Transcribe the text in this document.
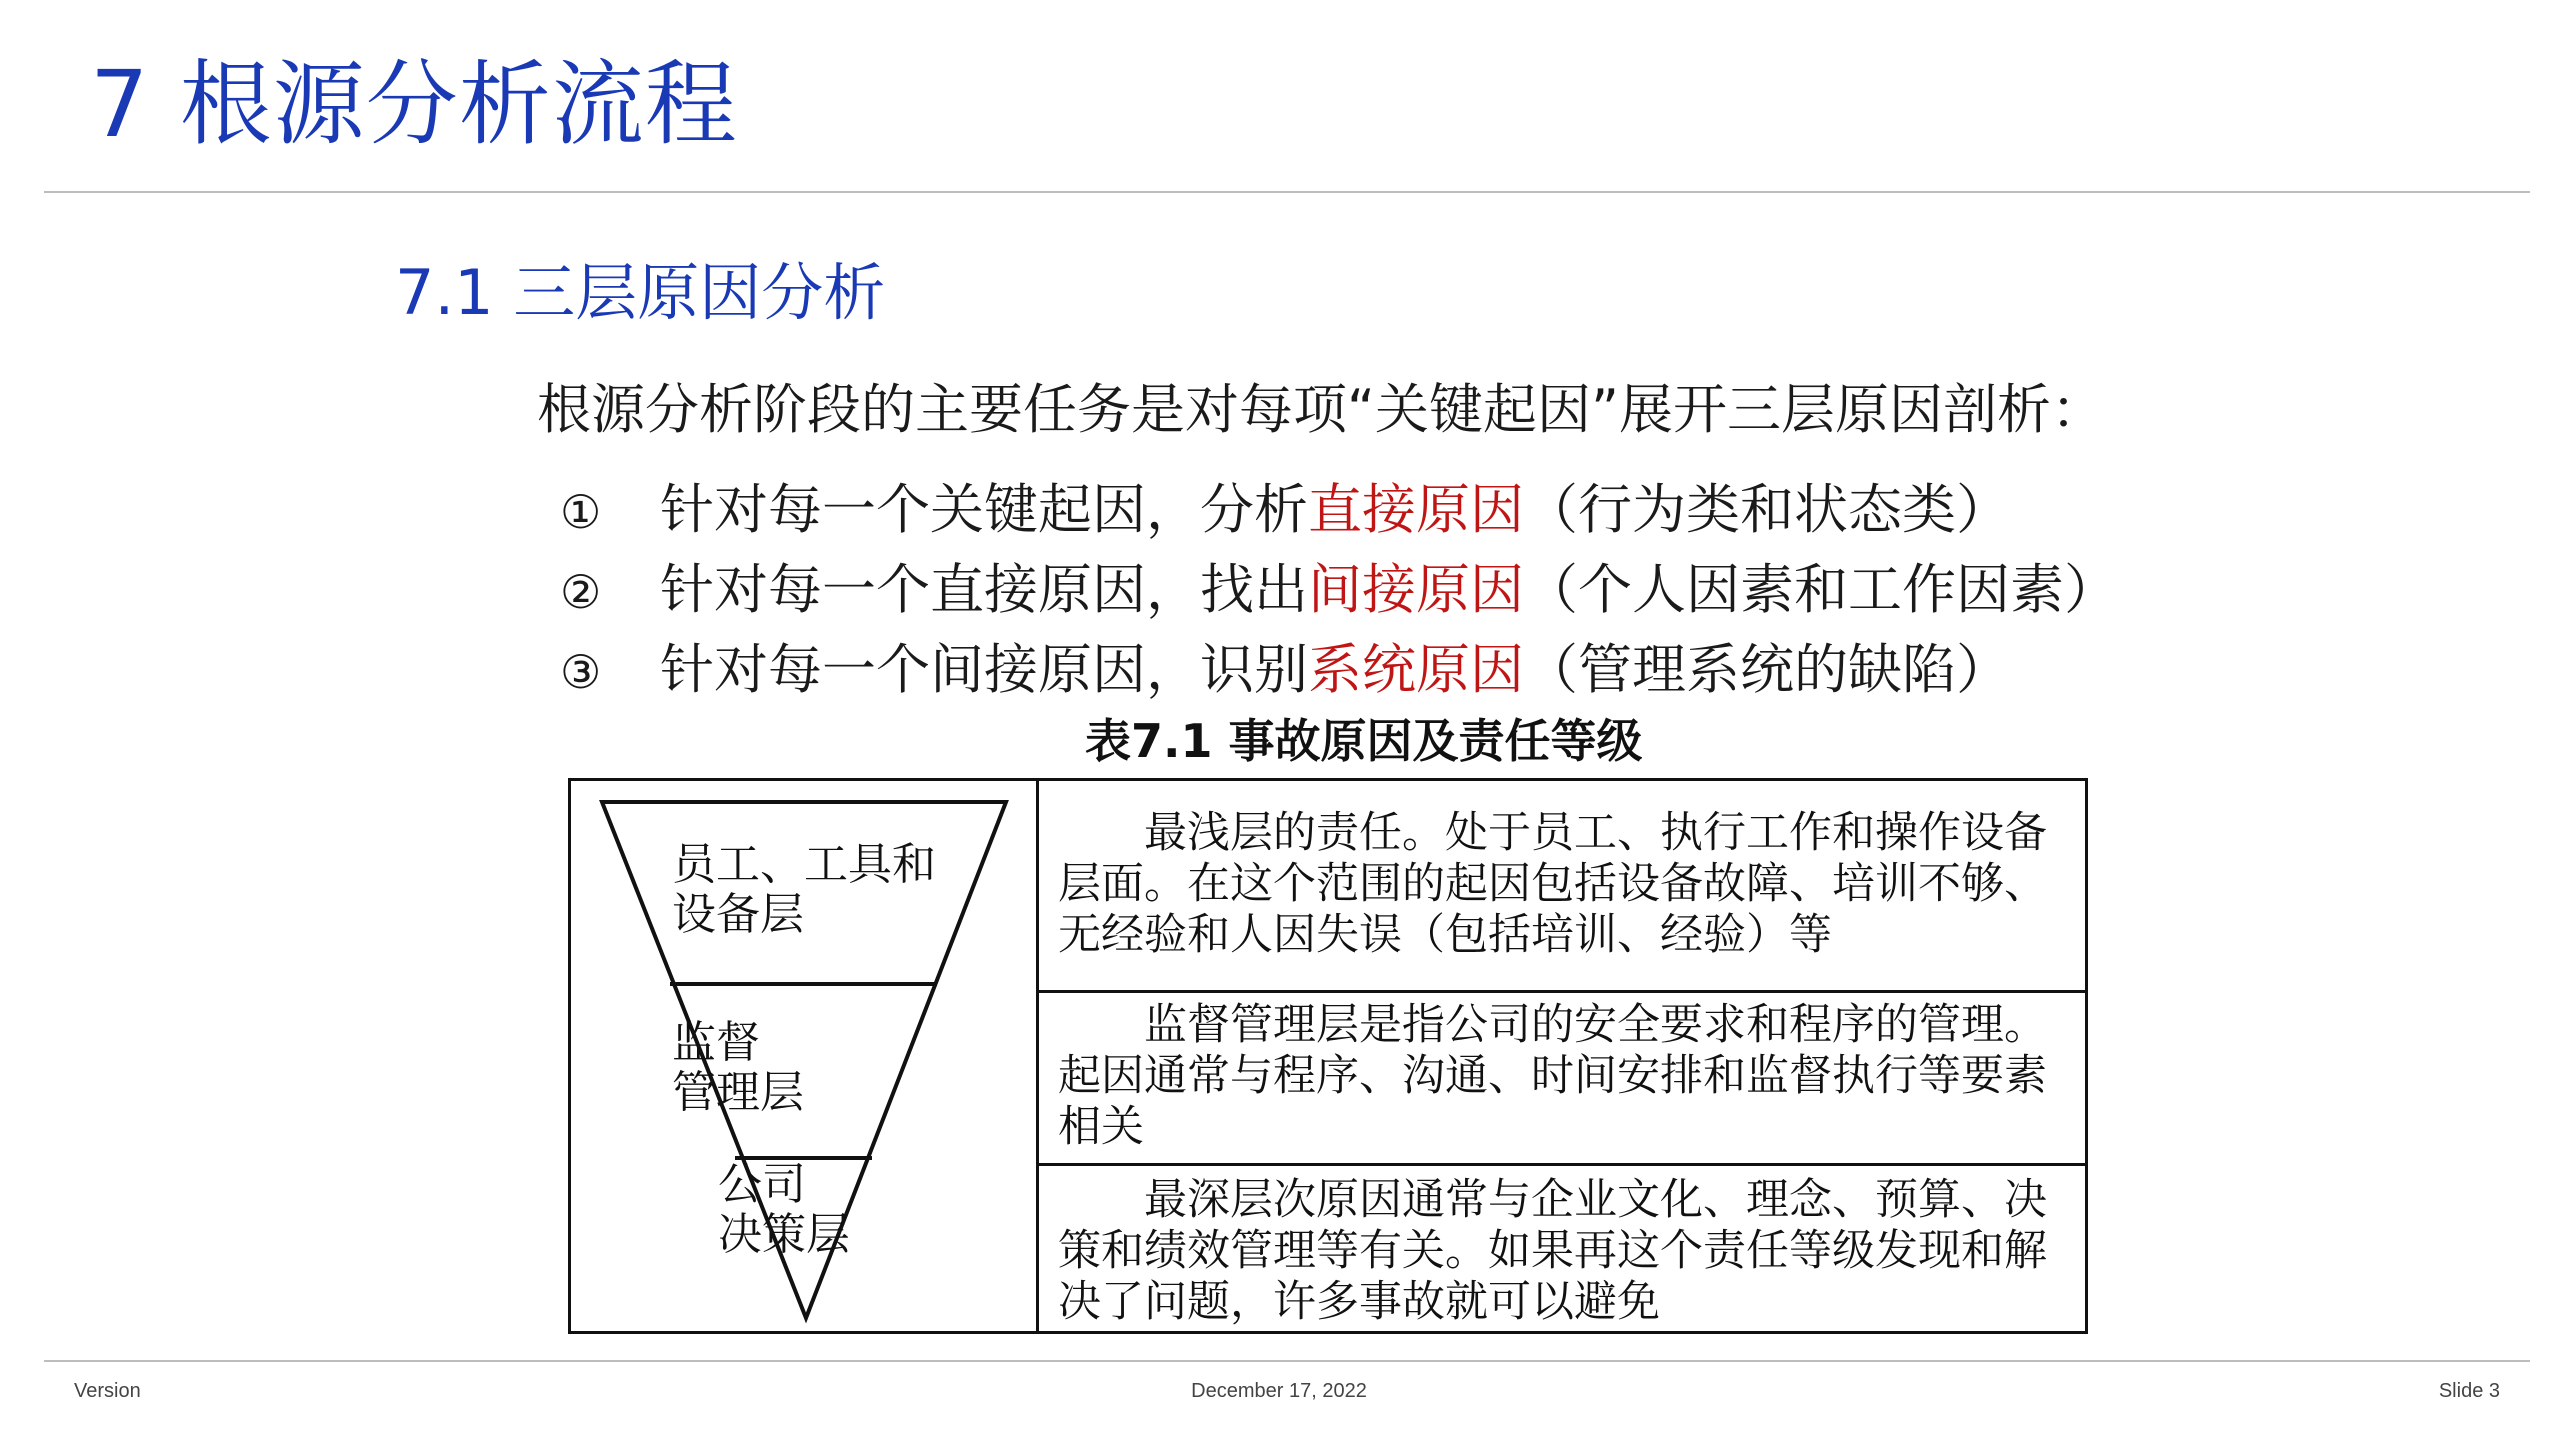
7 根源分析流程
7.1 三层原因分析
根源分析阶段的主要任务是对每项“关键起因”展开三层原因剖析：
① 针对每一个关键起因，分析直接原因（行为类和状态类）
② 针对每一个直接原因，找出间接原因（个人因素和工作因素）
③ 针对每一个间接原因，识别系统原因（管理系统的缺陷）
表7.1 事故原因及责任等级
员工、工具和
设备层
监督
管理层
公司
决策层
最浅层的责任。处于员工、执行工作和操作设备层面。在这个范围的起因包括设备故障、培训不够、无经验和人因失误（包括培训、经验）等
监督管理层是指公司的安全要求和程序的管理。起因通常与程序、沟通、时间安排和监督执行等要素相关
最深层次原因通常与企业文化、理念、预算、决策和绩效管理等有关。如果再这个责任等级发现和解决了问题，许多事故就可以避免
Version	December 17, 2022	Slide 3
